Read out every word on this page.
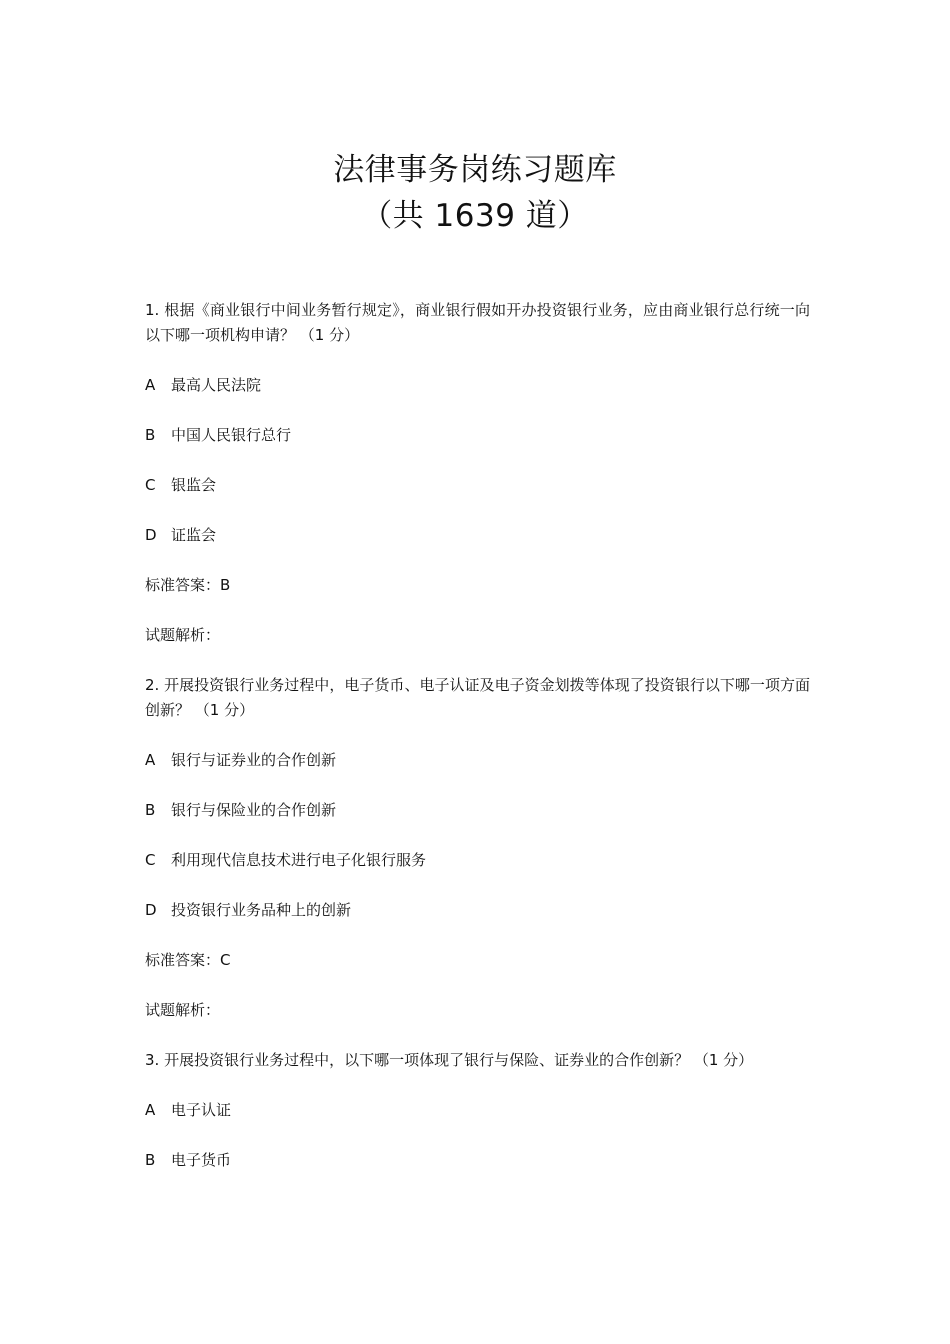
法律事务岗练习题库
（共 1639 道）

1. 根据《商业银行中间业务暂行规定》，商业银行假如开办投资银行业务，应由商业银行总行统一向以下哪一项机构申请？ （1 分）

A 最高人民法院

B 中国人民银行总行

C 银监会

D 证监会

标准答案：B

试题解析：

2. 开展投资银行业务过程中，电子货币、电子认证及电子资金划拨等体现了投资银行以下哪一项方面创新？ （1 分）

A 银行与证券业的合作创新

B 银行与保险业的合作创新

C 利用现代信息技术进行电子化银行服务

D 投资银行业务品种上的创新

标准答案：C

试题解析：

3. 开展投资银行业务过程中，以下哪一项体现了银行与保险、证券业的合作创新？ （1 分）

A 电子认证

B 电子货币
